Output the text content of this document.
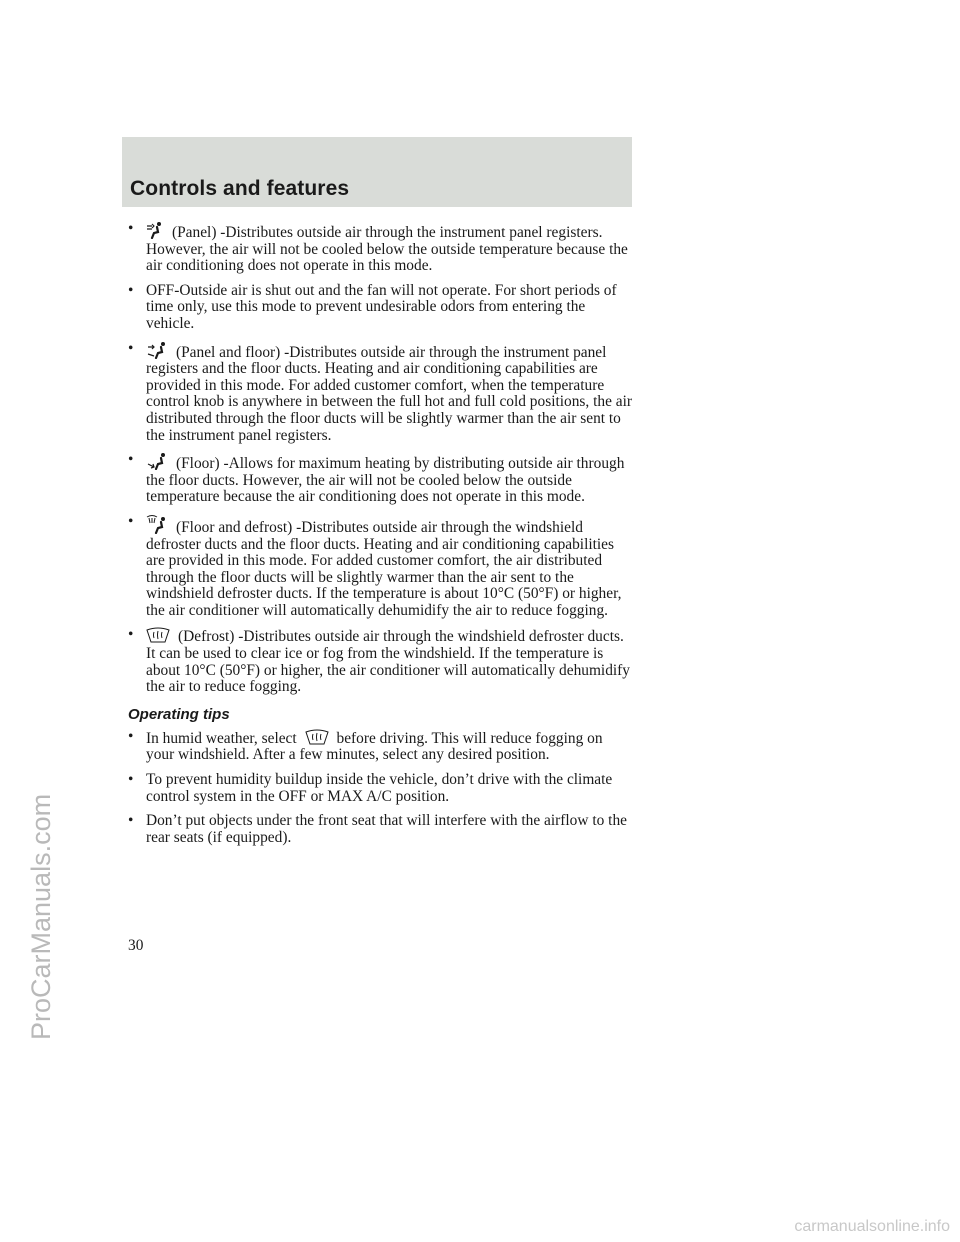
Controls and features
•	(Panel) -Distributes outside air through the instrument panel registers. However, the air will not be cooled below the outside temperature because the air conditioning does not operate in this mode.
• OFF-Outside air is shut out and the fan will not operate. For short periods of time only, use this mode to prevent undesirable odors from entering the vehicle.
•	(Panel and floor) -Distributes outside air through the instrument panel registers and the floor ducts. Heating and air conditioning capabilities are provided in this mode. For added customer comfort, when the temperature control knob is anywhere in between the full hot and full cold positions, the air distributed through the floor ducts will be slightly warmer than the air sent to the instrument panel registers.
•	(Floor) -Allows for maximum heating by distributing outside air through the floor ducts. However, the air will not be cooled below the outside temperature because the air conditioning does not operate in this mode.
•	(Floor and defrost) -Distributes outside air through the windshield defroster ducts and the floor ducts. Heating and air conditioning capabilities are provided in this mode. For added customer comfort, the air distributed through the floor ducts will be slightly warmer than the air sent to the windshield defroster ducts. If the temperature is about 10°C (50°F) or higher, the air conditioner will automatically dehumidify the air to reduce fogging.
•	(Defrost) -Distributes outside air through the windshield defroster ducts. It can be used to clear ice or fog from the windshield. If the temperature is about 10°C (50°F) or higher, the air conditioner will automatically dehumidify the air to reduce fogging.
Operating tips
• In humid weather, select	before driving. This will reduce fogging on your windshield. After a few minutes, select any desired position.
• To prevent humidity buildup inside the vehicle, don’t drive with the climate control system in the OFF or MAX A/C position.
• Don’t put objects under the front seat that will interfere with the airflow to the rear seats (if equipped).
30
ProCarManuals.com
carmanualsonline.info
